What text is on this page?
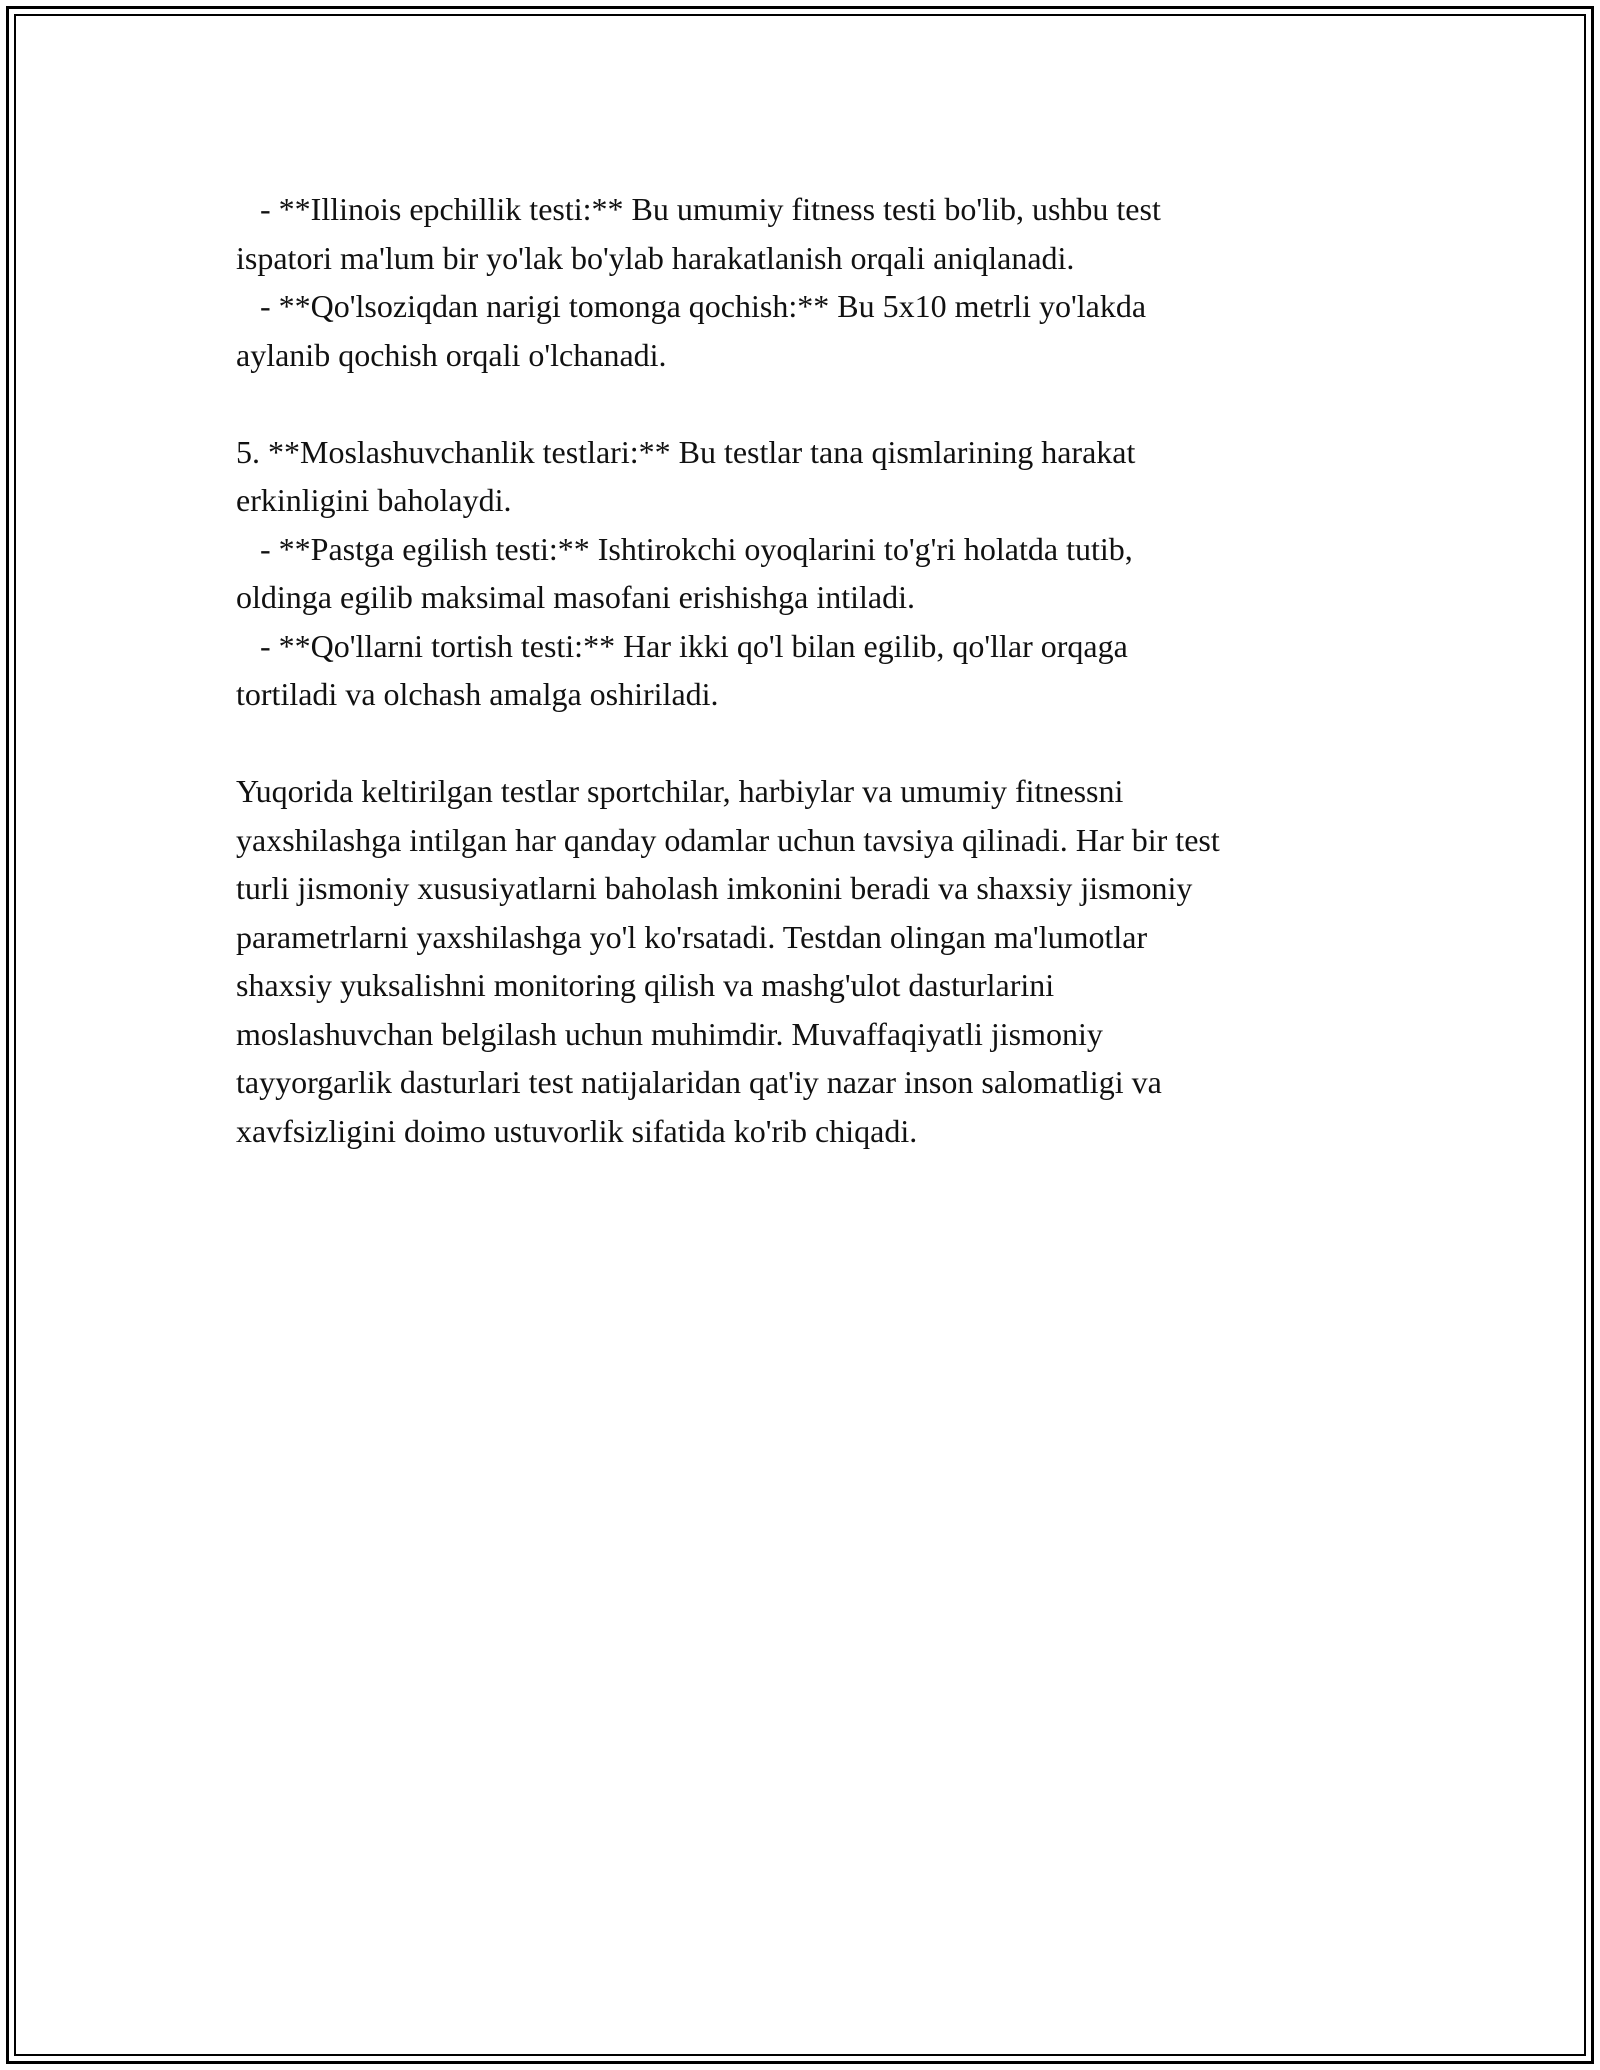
- **Illinois epchillik testi:** Bu umumiy fitness testi bo'lib, ushbu test
ispatori ma'lum bir yo'lak bo'ylab harakatlanish orqali aniqlanadi.
- **Qo'lsoziqdan narigi tomonga qochish:** Bu 5x10 metrli yo'lakda
aylanib qochish orqali o'lchanadi.
5. **Moslashuvchanlik testlari:** Bu testlar tana qismlarining harakat
erkinligini baholaydi.
- **Pastga egilish testi:** Ishtirokchi oyoqlarini to'g'ri holatda tutib,
oldinga egilib maksimal masofani erishishga intiladi.
- **Qo'llarni tortish testi:** Har ikki qo'l bilan egilib, qo'llar orqaga
tortiladi va olchash amalga oshiriladi.
Yuqorida keltirilgan testlar sportchilar, harbiylar va umumiy fitnessni
yaxshilashga intilgan har qanday odamlar uchun tavsiya qilinadi. Har bir test
turli jismoniy xususiyatlarni baholash imkonini beradi va shaxsiy jismoniy
parametrlarni yaxshilashga yo'l ko'rsatadi. Testdan olingan ma'lumotlar
shaxsiy yuksalishni monitoring qilish va mashg'ulot dasturlarini
moslashuvchan belgilash uchun muhimdir. Muvaffaqiyatli jismoniy
tayyorgarlik dasturlari test natijalaridan qat'iy nazar inson salomatligi va
xavfsizligini doimo ustuvorlik sifatida ko'rib chiqadi.
